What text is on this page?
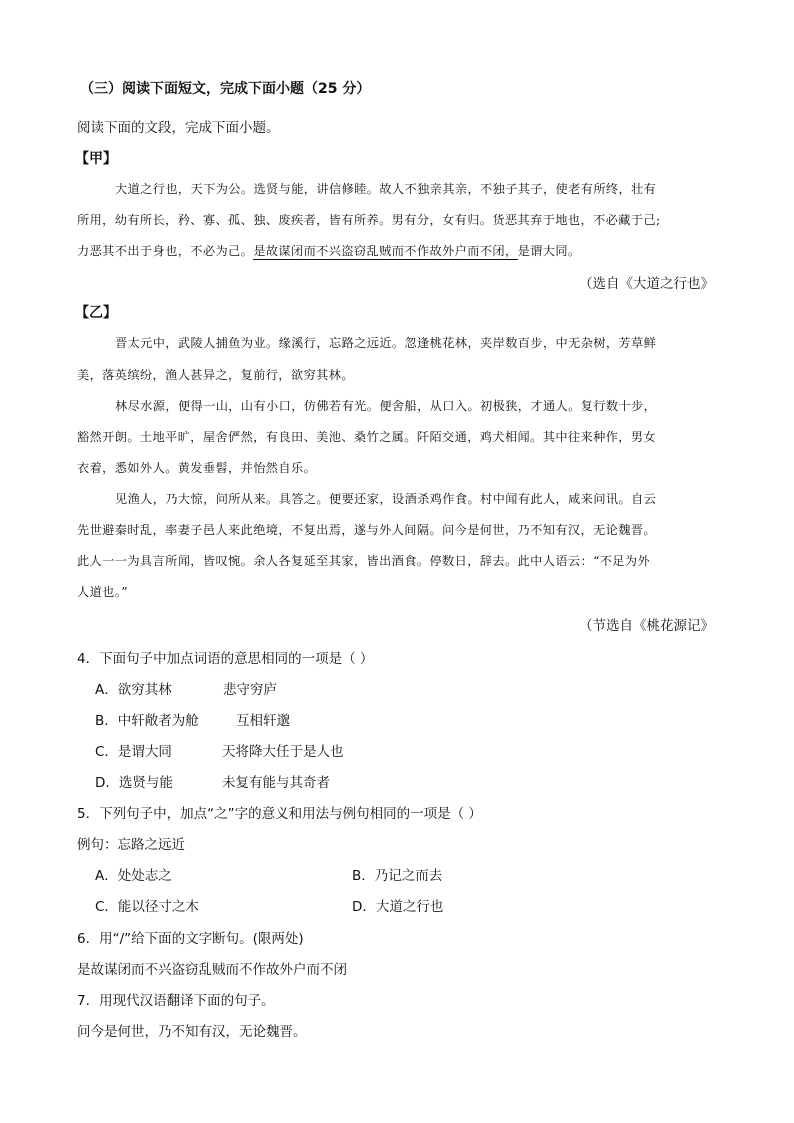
（三）阅读下面短文，完成下面小题（25 分）
阅读下面的文段，完成下面小题。
【甲】
大道之行也，天下为公。选贤与能，讲信修睦。故人不独亲其亲，不独子其子，使老有所终，壮有
所用，幼有所长，矜、寡、孤、独、废疾者，皆有所养。男有分，女有归。货恶其弃于地也，不必藏于己;
力恶其不出于身也，不必为己。是故谋闭而不兴盗窃乱贼而不作故外户而不闭，是谓大同。
（选自《大道之行也》
【乙】
晋太元中，武陵人捕鱼为业。缘溪行，忘路之远近。忽逢桃花林，夹岸数百步，中无杂树，芳草鲜
美，落英缤纷，渔人甚异之，复前行，欲穷其林。
林尽水源，便得一山，山有小口，仿佛若有光。便舍船，从口入。初极狭，才通人。复行数十步，
豁然开朗。土地平旷，屋舍俨然，有良田、美池、桑竹之属。阡陌交通，鸡犬相闻。其中往来种作，男女
衣着，悉如外人。黄发垂髫，并怡然自乐。
见渔人，乃大惊，问所从来。具答之。便要还家，设酒杀鸡作食。村中闻有此人，咸来问讯。自云
先世避秦时乱，率妻子邑人来此绝境，不复出焉，遂与外人间隔。问今是何世，乃不知有汉，无论魏晋。
此人一一为具言所闻，皆叹惋。余人各复延至其家，皆出酒食。停数日，辞去。此中人语云：“不足为外
人道也。”
（节选自《桃花源记》
4．下面句子中加点词语的意思相同的一项是（ ）
A．欲穷其林	悲守穷庐
B．中轩敞者为舱	互相轩邈
C．是谓大同	天将降大任于是人也
D．选贤与能	未复有能与其奇者
5．下列句子中，加点“之”字的意义和用法与例句相同的一项是（ ）
例句：忘路之远近
A．处处志之	B．乃记之而去
C．能以径寸之木	D．大道之行也
6．用“/”给下面的文字断句。(限两处)
是故谋闭而不兴盗窃乱贼而不作故外户而不闭
7．用现代汉语翻译下面的句子。
问今是何世，乃不知有汉，无论魏晋。
